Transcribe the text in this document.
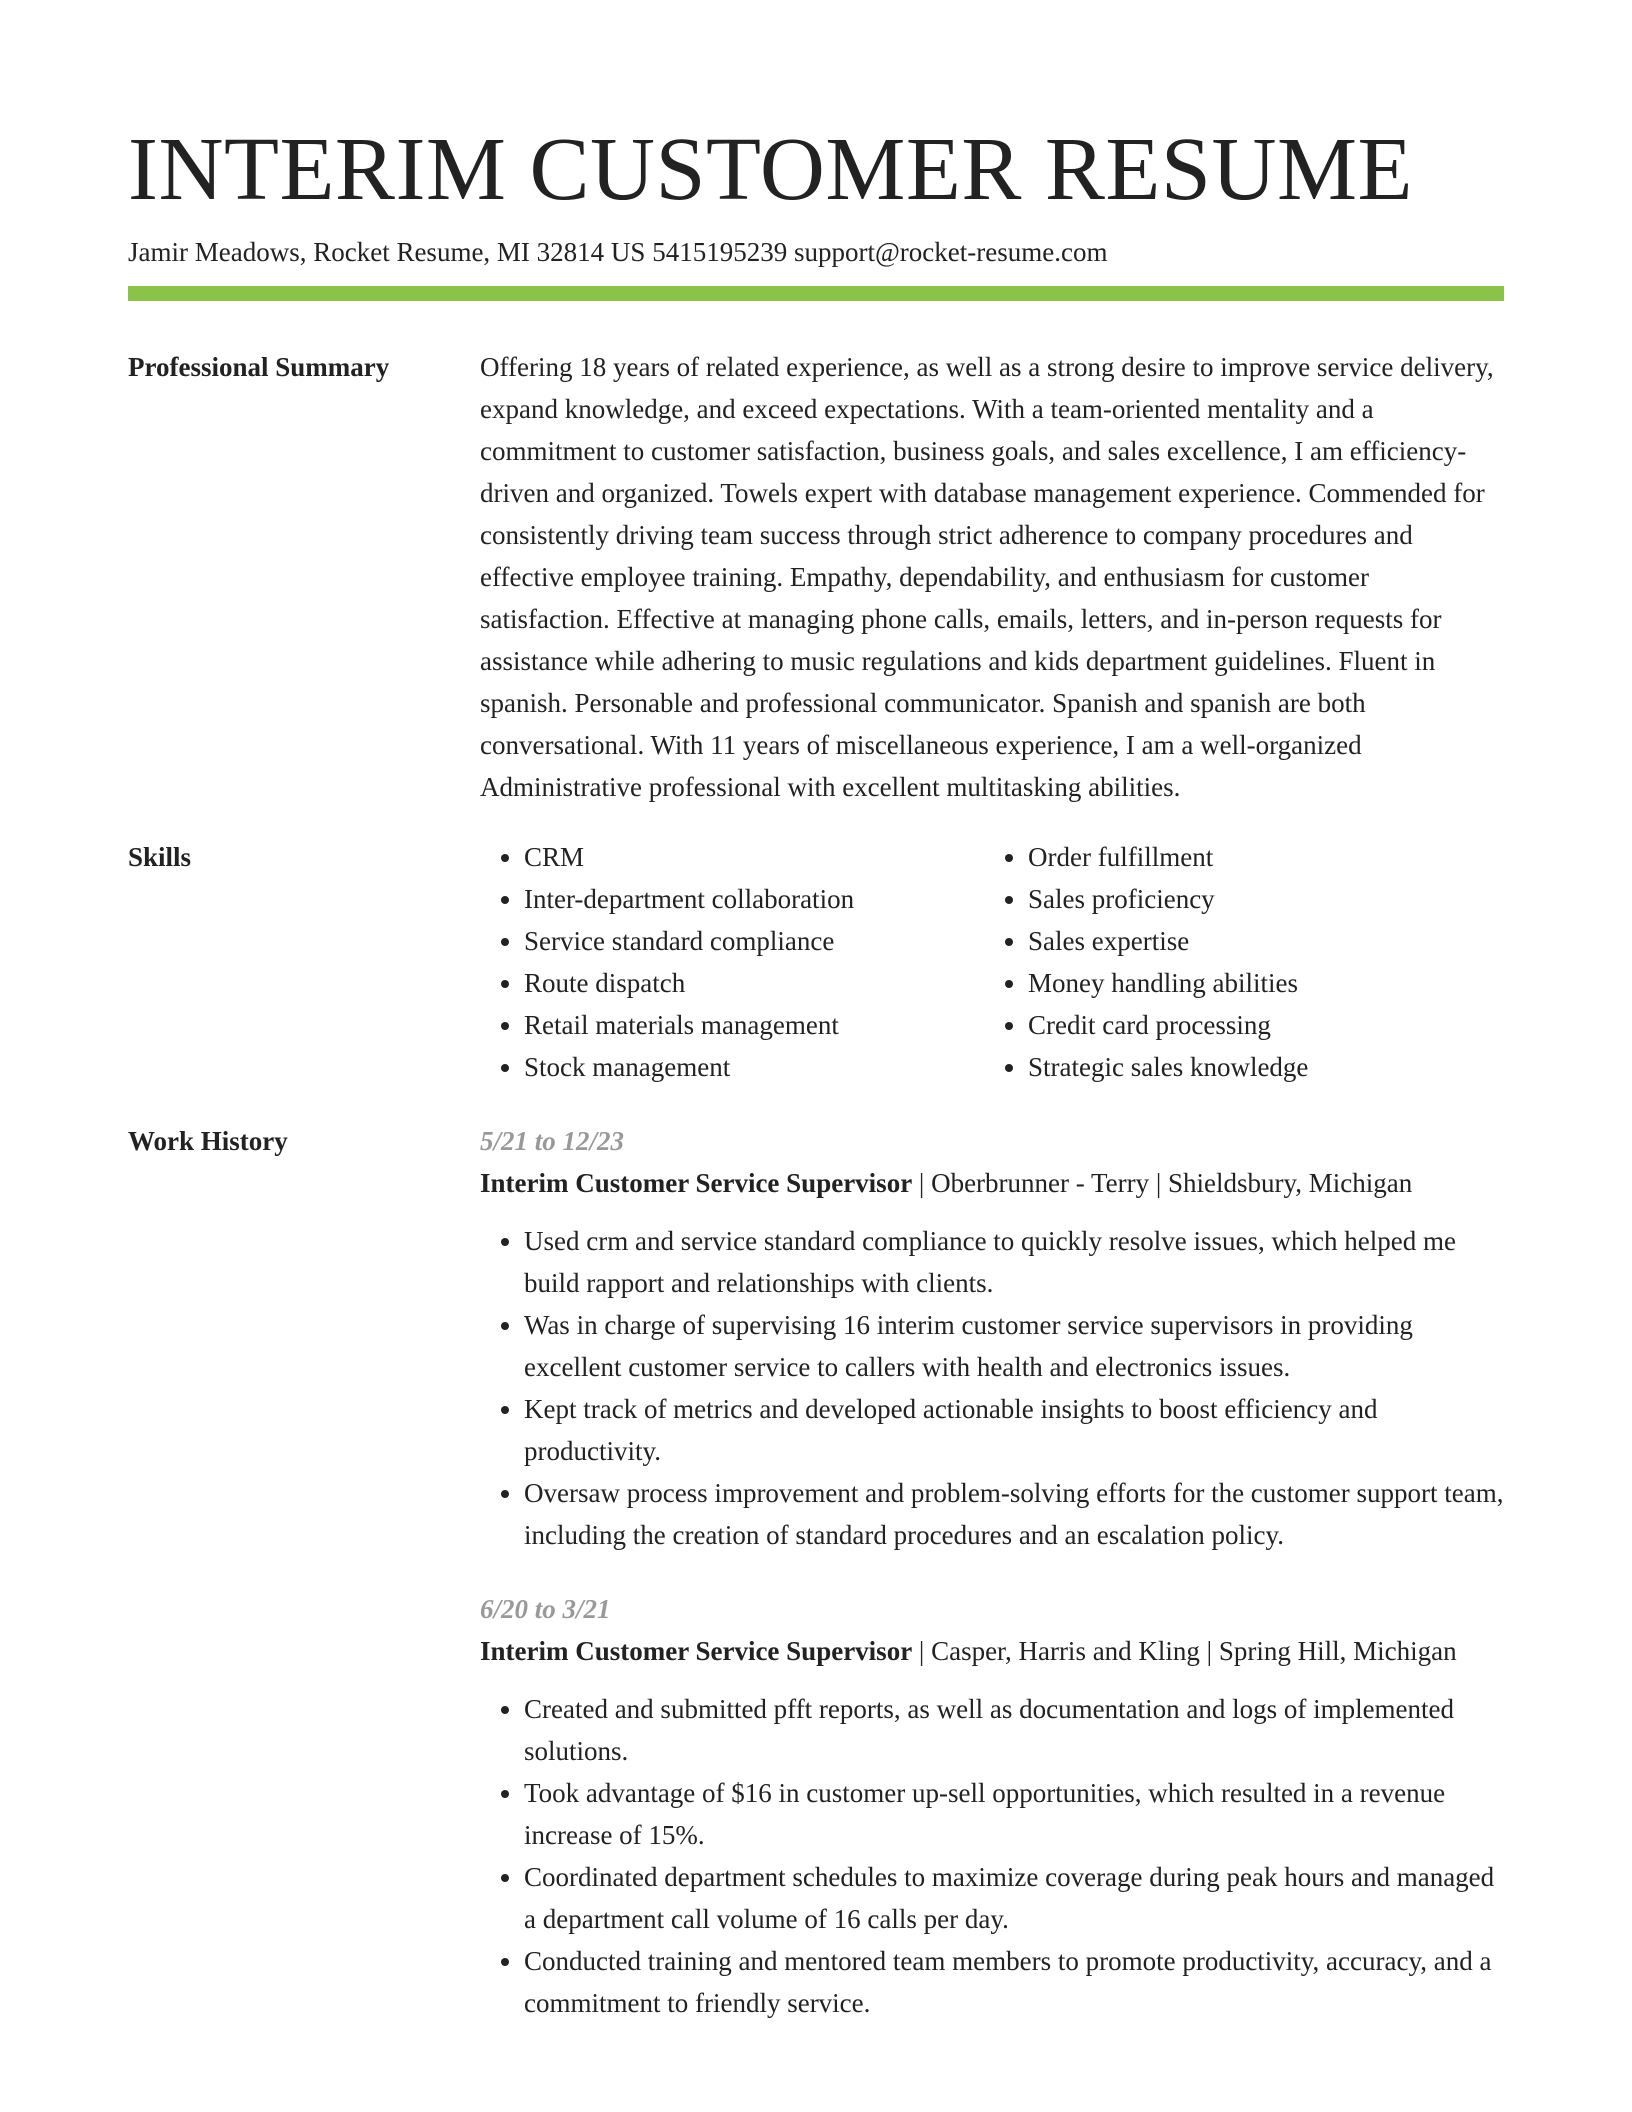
INTERIM CUSTOMER RESUME
Jamir Meadows, Rocket Resume, MI 32814 US 5415195239 support@rocket-resume.com
Professional Summary	Offering 18 years of related experience, as well as a strong desire to improve service delivery, expand knowledge, and exceed expectations. With a team-oriented mentality and a commitment to customer satisfaction, business goals, and sales excellence, I am efficiency-driven and organized. Towels expert with database management experience. Commended for consistently driving team success through strict adherence to company procedures and effective employee training. Empathy, dependability, and enthusiasm for customer satisfaction. Effective at managing phone calls, emails, letters, and in-person requests for assistance while adhering to music regulations and kids department guidelines. Fluent in spanish. Personable and professional communicator. Spanish and spanish are both conversational. With 11 years of miscellaneous experience, I am a well-organized Administrative professional with excellent multitasking abilities.

Skills
•	CRM
• Inter-department collaboration
• Service standard compliance
• Route dispatch
• Retail materials management
• Stock management
• Order fulfillment
• Sales proficiency
• Sales expertise
• Money handling abilities
• Credit card processing
• Strategic sales knowledge
Work History	5/21 to 12/23
Interim Customer Service Supervisor | Oberbrunner - Terry | Shieldsbury, Michigan
• Used crm and service standard compliance to quickly resolve issues, which helped me build rapport and relationships with clients.
• Was in charge of supervising 16 interim customer service supervisors in providing excellent customer service to callers with health and electronics issues.
• Kept track of metrics and developed actionable insights to boost efficiency and productivity.
• Oversaw process improvement and problem-solving efforts for the customer support team, including the creation of standard procedures and an escalation policy.
6/20 to 3/21
Interim Customer Service Supervisor | Casper, Harris and Kling | Spring Hill, Michigan
• Created and submitted pfft reports, as well as documentation and logs of implemented solutions.
• Took advantage of $16 in customer up-sell opportunities, which resulted in a revenue increase of 15%.
• Coordinated department schedules to maximize coverage during peak hours and managed a department call volume of 16 calls per day.
• Conducted training and mentored team members to promote productivity, accuracy, and a commitment to friendly service.
